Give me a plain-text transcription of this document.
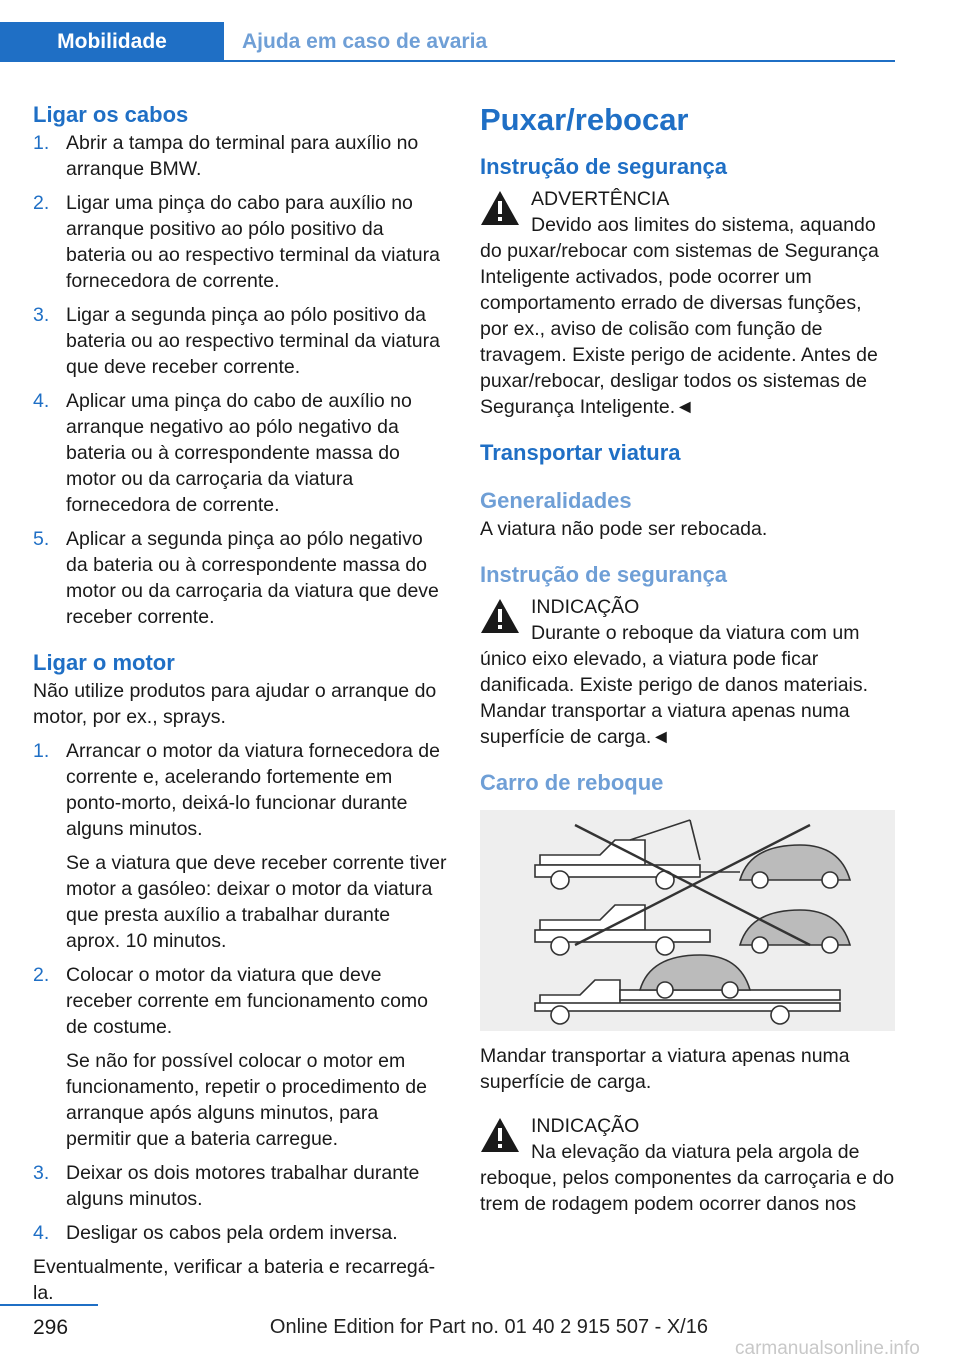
Mobilidade	Ajuda em caso de avaria
Ligar os cabos
1. Abrir a tampa do terminal para auxílio no arranque BMW.

2. Ligar uma pinça do cabo para auxílio no arranque positivo ao pólo positivo da bateria ou ao respectivo terminal da viatura fornecedora de corrente.

3. Ligar a segunda pinça ao pólo positivo da bateria ou ao respectivo terminal da viatura que deve receber corrente.

4. Aplicar uma pinça do cabo de auxílio no arranque negativo ao pólo negativo da bateria ou à correspondente massa do motor ou da carroçaria da viatura fornecedora de corrente.

5. Aplicar a segunda pinça ao pólo negativo da bateria ou à correspondente massa do motor ou da carroçaria da viatura que deve receber corrente.

Ligar o motor

Não utilize produtos para ajudar o arranque do motor, por ex., sprays.

1. Arrancar o motor da viatura fornecedora de corrente e, acelerando fortemente em ponto-morto, deixá-lo funcionar durante alguns minutos.

Se a viatura que deve receber corrente tiver motor a gasóleo: deixar o motor da viatura que presta auxílio a trabalhar durante aprox. 10 minutos.

2. Colocar o motor da viatura que deve receber corrente em funcionamento como de costume.

Se não for possível colocar o motor em funcionamento, repetir o procedimento de arranque após alguns minutos, para permitir que a bateria carregue.

3. Deixar os dois motores trabalhar durante alguns minutos.

4. Desligar os cabos pela ordem inversa.

Eventualmente, verificar a bateria e recarregá-la.

Puxar/rebocar
Instrução de segurança
ADVERTÊNCIA

Devido aos limites do sistema, aquando do puxar/rebocar com sistemas de Segurança Inteligente activados, pode ocorrer um comportamento errado de diversas funções, por ex., aviso de colisão com função de travagem. Existe perigo de acidente. Antes de puxar/rebocar, desligar todos os sistemas de Segurança Inteligente.◄

Transportar viatura
Generalidades

A viatura não pode ser rebocada.

Instrução de segurança
INDICAÇÃO

Durante o reboque da viatura com um único eixo elevado, a viatura pode ficar danificada. Existe perigo de danos materiais. Mandar transportar a viatura apenas numa superfície de carga.◄

Carro de reboque

Mandar transportar a viatura apenas numa superfície de carga.

INDICAÇÃO

Na elevação da viatura pela argola de reboque, pelos componentes da carroçaria e do trem de rodagem podem ocorrer danos nos

296	Online Edition for Part no. 01 40 2 915 507 - X/16
carmanualsonline.info
